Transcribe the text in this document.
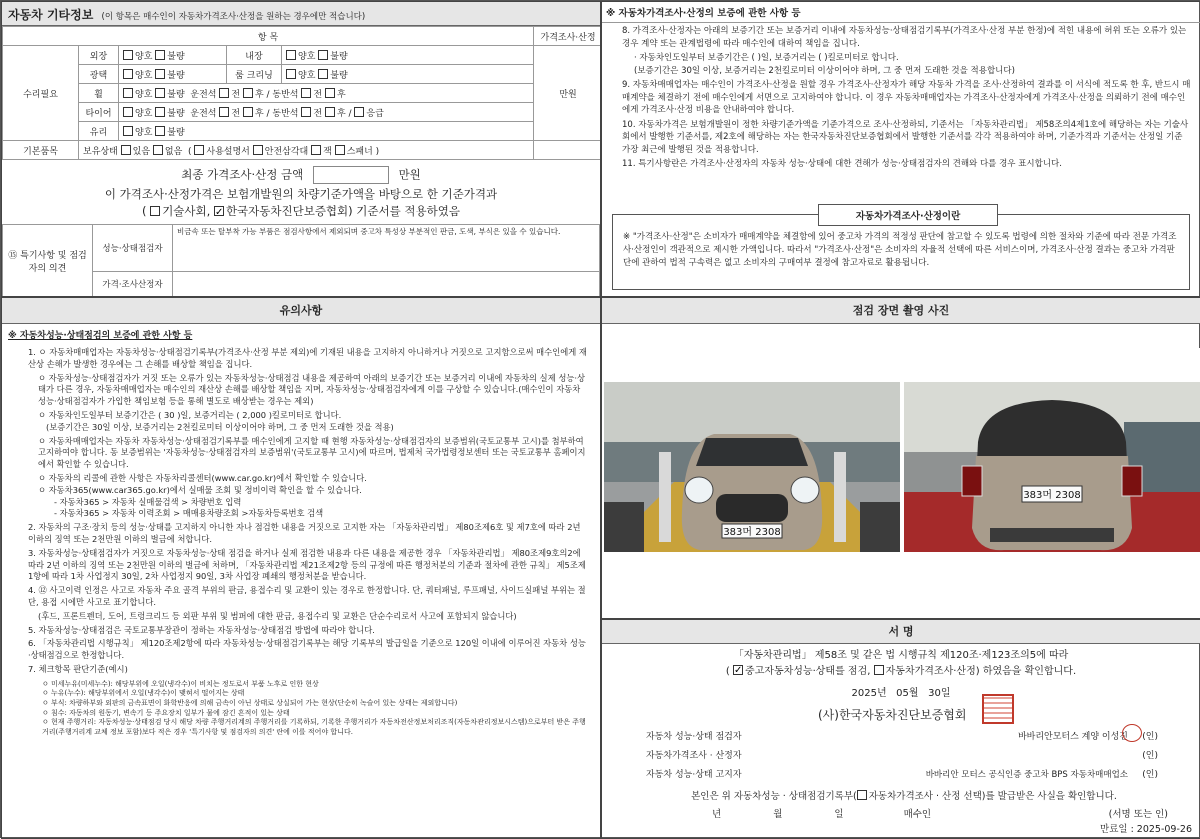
자동차 기타정보 (이 항목은 매수인이 자동차가격조사·산정을 원하는 경우에만 적습니다)
항 목					가격조사·산정
수리필요	외장	양호 불량	내장	양호 불량	만원
	광택	양호 불량	룸 크리닝	양호 불량	
	휠	양호 불량 운전석 전 후 / 동반석 전 후			
	타이어	양호 불량 운전석 전 후 / 동반석 전 후 / 응급			
	유리	양호 불량			
기본품목	보유상태 있음 없음  ( 사용설명서 안전삼각대 잭 스패너 )				
최종 가격조사·산정 금액	만원
이 가격조사·산정가격은 보험개발원의 차량기준가액을 바탕으로 한 기준가격과
( 기술사회, ✓ 한국자동차진단보증협회) 기준서를 적용하였음
⑮ 특기사항 및 점검자의 의견	성능·상태점검자	비금속 또는 탈부착 가능 부품은 점검사항에서 제외되며 중고차 특성상 부분적인 판금, 도색, 부식은 있을 수 있습니다.
	가격·조사산정자	
※ 자동차가격조사·산정의 보증에 관한 사항 등
8. 가격조사·산정자는 아래의 보증기간 또는 보증거리 이내에 자동차성능·상태점검기록부(가격조사·산정 부분 한정)에 적힌 내용에 허위 또는 오류가 있는 경우 계약 또는 관계법령에 따라 매수인에 대하여 책임을 집니다.
· 자동차인도일부터 보증기간은 ( )일, 보증거리는 ( )킬로미터로 합니다.
(보증기간은 30일 이상, 보증거리는 2천킬로미터 이상이어야 하며, 그 중 먼저 도래한 것을 적용합니다)
9. 자동차매매업자는 매수인이 가격조사·산정을 원할 경우 가격조사·산정자가 해당 자동차 가격을 조사·산정하여 결과를 이 서식에 적도록 한 후, 반드시 매매계약을 체결하기 전에 매수인에게 서면으로 고지하여야 합니다. 이 경우 자동차매매업자는 가격조사·산정자에게 가격조사·산정을 의뢰하기 전에 매수인에게 가격조사·산정 비용을 안내하여야 합니다.
10. 자동차가격은 보험개발원이 정한 차량기준가액을 기준가격으로 조사·산정하되, 기준서는 「자동차관리법」 제58조의4제1호에 해당하는 자는 기술사회에서 발행한 기준서를, 제2호에 해당하는 자는 한국자동차진단보증협회에서 발행한 기준서를 각각 적용하여야 하며, 기준가격과 기준서는 산정일 기준 가장 최근에 발행된 것을 적용합니다.
11. 특기사항란은 가격조사·산정자의 자동차 성능·상태에 대한 견해가 성능·상태점검자의 견해와 다를 경우 표시합니다.
자동차가격조사·산정이란
※ "가격조사·산정"은 소비자가 매매계약을 체결함에 있어 중고차 가격의 적정성 판단에 참고할 수 있도록 법령에 의한 절차와 기준에 따라 전문 가격조사·산정인이 객관적으로 제시한 가액입니다. 따라서 "가격조사·산정"은 소비자의 자율적 선택에 따른 서비스이며, 가격조사·산정 결과는 중고차 가격판단에 관하여 법적 구속력은 없고 소비자의 구매여부 결정에 참고자료로 활용됩니다.
유의사항
※ 자동차성능·상태점검의 보증에 관한 사항 등
1. ㅇ 자동차매매업자는 자동차성능·상태점검기록부(가격조사·산정 부분 제외)에 기재된 내용을 고지하지 아니하거나 거짓으로 고지함으로써 매수인에게 재산상 손해가 발생한 경우에는 그 손해를 배상할 책임을 집니다.
ㅇ 자동차성능·상태점검자가 거짓 또는 오류가 있는 자동차성능·상태점검 내용을 제공하여 아래의 보증기간 또는 보증거리 이내에 자동차의 실제 성능·상태가 다른 경우, 자동차매매업자는 매수인의 재산상 손해를 배상할 책임을 지며, 자동차성능·상태점검자에게 이를 구상할 수 있습니다.(매수인이 자동차성능·상태점검자가 가입한 책임보험 등을 통해 별도로 배상받는 경우는 제외)
ㅇ 자동차인도일부터 보증기간은 ( 30 )일, 보증거리는 ( 2,000 )킬로미터로 합니다.
(보증기간은 30일 이상, 보증거리는 2천킬로미터 이상이어야 하며, 그 중 먼저 도래한 것을 적용)
ㅇ 자동차매매업자는 자동차 자동차성능·상태점검기록부를 매수인에게 고지할 때 현행 자동차성능·상태점검자의 보증범위(국토교통부 고시)를 첨부하여 고지하여야 합니다. 동 보증범위는 '자동차성능·상태점검자의 보증범위'(국토교통부 고시)에 따르며, 법제처 국가법령정보센터 또는 국토교통부 홈페이지에서 확인할 수 있습니다.
ㅇ 자동차의 리콜에 관한 사항은 자동차리콜센터(www.car.go.kr)에서 확인할 수 있습니다.
ㅇ 자동차365(www.car365.go.kr)에서 실매물 조회 및 정비이력 확인을 할 수 있습니다.
- 자동차365 > 자동차 실매물검색 > 차량번호 입력
- 자동차365 > 자동차 이력조회 > 매매용차량조회 >자동차등록번호 검색
2. 자동차의 구조·장치 등의 성능·상태를 고지하지 아니한 자나 점검한 내용을 거짓으로 고지한 자는 「자동차관리법」 제80조제6호 및 제7호에 따라 2년 이하의 징역 또는 2천만원 이하의 벌금에 처합니다.
3. 자동차성능·상태점검자가 거짓으로 자동차성능·상태 점검을 하거나 실제 점검한 내용과 다른 내용을 제공한 경우 「자동차관리법」 제80조제9호의2에 따라 2년 이하의 징역 또는 2천만원 이하의 벌금에 처하며, 「자동차관리법 제21조제2항 등의 규정에 따른 행정처분의 기준과 절차에 관한 규칙」 제5조제1항에 따라 1차 사업정지 30일, 2차 사업정지 90일, 3차 사업장 폐쇄의 행정처분을 받습니다.
4. ⑫ 사고이력 인정은 사고로 자동차 주요 골격 부위의 판금, 용접수리 및 교환이 있는 경우로 한정합니다. 단, 쿼터패널, 루프패널, 사이드실패널 부위는 절단, 용접 시에만 사고로 표기합니다.
(후드, 프론트펜더, 도어, 트렁크리드 등 외판 부위 및 범퍼에 대한 판금, 용접수리 및 교환은 단순수리로서 사고에 포함되지 않습니다)
5. 자동차성능·상태점검은 국토교통부장관이 정하는 자동차성능·상태점검 방법에 따라야 합니다.
6. 「자동차관리법 시행규칙」 제120조제2항에 따라 자동차성능·상태점검기록부는 해당 기록부의 발급일을 기준으로 120일 이내에 이루어진 자동차 성능·상태점검으로 한정합니다.
7. 체크항목 판단기준(예시)
ㅇ 미세누유(미세누수): 해당부위에 오일(냉각수)이 비치는 정도로서 부품 노후로 인한 현상
ㅇ 누유(누수): 해당부위에서 오일(냉각수)이 맺혀서 떨어지는 상태
ㅇ 부식: 차량하부와 외판의 금속표면이 화학반응에 의해 금속이 아닌 상태로 상실되어 가는 현상(단순히 녹슬어 있는 상태는 제외합니다)
ㅇ 침수: 자동차의 원동기, 변속기 등 주요장치 일부가 물에 잠긴 흔적이 있는 상태
ㅇ 현재 주행거리: 자동차성능·상태점검 당시 해당 차량 주행거리계의 주행거리를 기록하되, 기록한 주행거리가 자동차전산정보처리조직(자동차관리정보시스템)으로부터 받은 주행거리(주행거리계 교체 정보 포함)보다 적은 경우 '특기사항 및 점검자의 의견' 란에 이를 적어야 합니다.
점검 장면 촬영 사진
383머 2308
383머 2308
서 명
「자동차관리법」 제58조 및 같은 법 시행규칙 제120조·제123조의5에 따라
( ✓중고자동차성능·상태를 점검, 자동차가격조사·산정) 하였음을 확인합니다.
2025년 05월 30일
(사)한국자동차진단보증협회
자동차 성능·상태 점검자	바바리안모터스 계양 이성진	(인)
자동차가격조사 · 산정자		(인)
자동차 성능·상태 고지자	바바리안 모터스 공식인증 중고차 BPS 자동차매매업소	(인)
본인은 위 자동차성능 · 상태점검기록부( 자동차가격조사 · 산정 선택)를 발급받은 사실을 확인합니다.
년	월	일	매수인	(서명 또는 인)
만료일 : 2025-09-26
